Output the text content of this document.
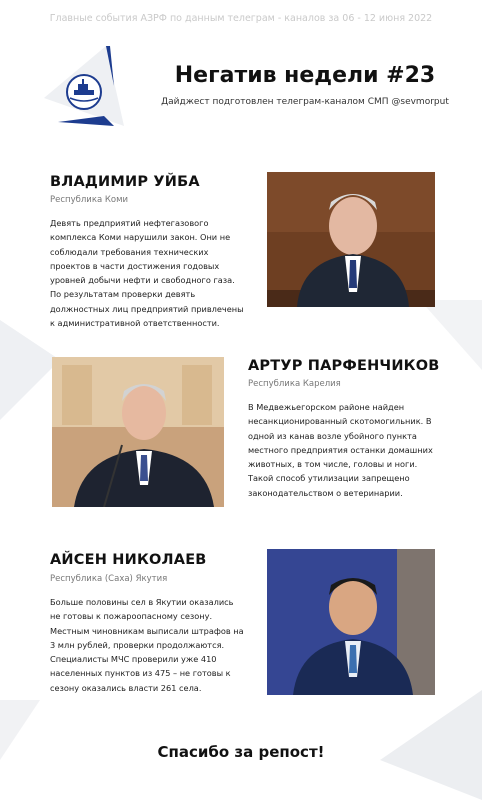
Главные события АЗРФ по данным телеграм - каналов за 06 - 12 июня 2022
Негатив недели #23
Дайджест подготовлен телеграм-каналом СМП @sevmorput
ВЛАДИМИР УЙБА
Республика Коми
Девять предприятий нефтегазового комплекса Коми нарушили закон. Они не соблюдали требования технических проектов в части достижения годовых уровней добычи нефти и свободного газа. По результатам проверки девять должностных лиц предприятий привлечены к административной ответственности.
АРТУР ПАРФЕНЧИКОВ
Республика Карелия
В Медвежьегорском районе найден несанкционированный скотомогильник. В одной из канав возле убойного пункта местного предприятия останки домашних животных, в том числе, головы и ноги. Такой способ утилизации запрещено законодательством о ветеринарии.
АЙСЕН НИКОЛАЕВ
Республика (Саха) Якутия
Больше половины сел в Якутии оказались не готовы к пожароопасному сезону. Местным чиновникам выписали штрафов на 3 млн рублей, проверки продолжаются. Специалисты МЧС проверили уже 410 населенных пунктов из 475 – не готовы к сезону оказались власти 261 села.
Спасибо за репост!
